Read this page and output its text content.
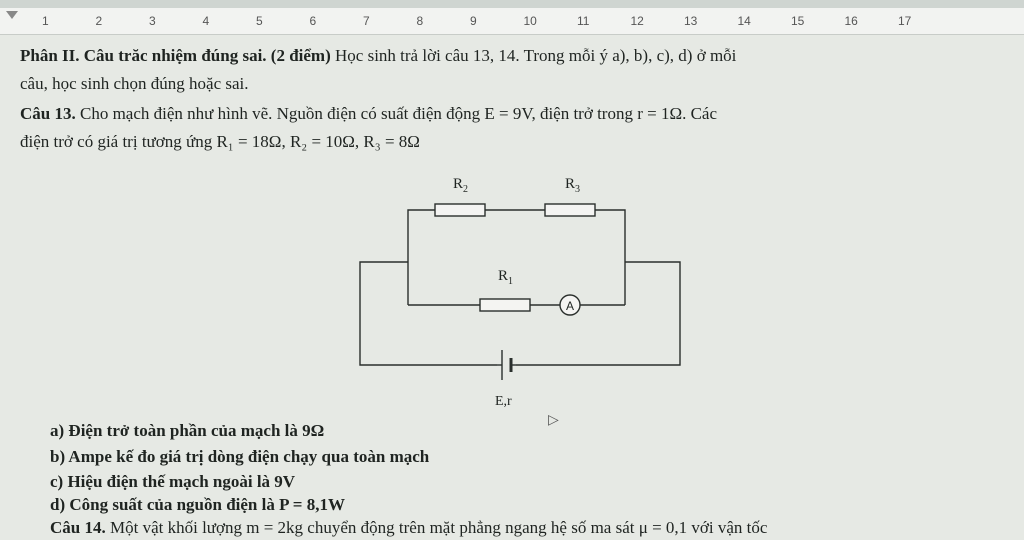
1	2	3	4	5	6	7	8	9	10	11	12	13	14	15	16	17
Phân II. Câu trăc nhiệm đúng sai. (2 điểm) Học sinh trả lời câu 13, 14. Trong mỗi ý a), b), c), d) ở mỗi
câu, học sinh chọn đúng hoặc sai.
Câu 13. Cho mạch điện như hình vẽ. Nguồn điện có suất điện động E = 9V, điện trở trong r = 1Ω. Các
điện trở có giá trị tương ứng R₁ = 18Ω, R₂ = 10Ω, R₃ = 8Ω
A
$R_2$	$R_3$
$R_1$
E,r
▷
a) Điện trở toàn phần của mạch là 9Ω
b) Ampe kế đo giá trị dòng điện chạy qua toàn mạch
c) Hiệu điện thế mạch ngoài là 9V
d) Công suất của nguồn điện là P = 8,1W
Câu 14. Một vật khối lượng m = 2kg chuyển động trên mặt phẳng ngang hệ số ma sát μ = 0,1 với vận tốc
